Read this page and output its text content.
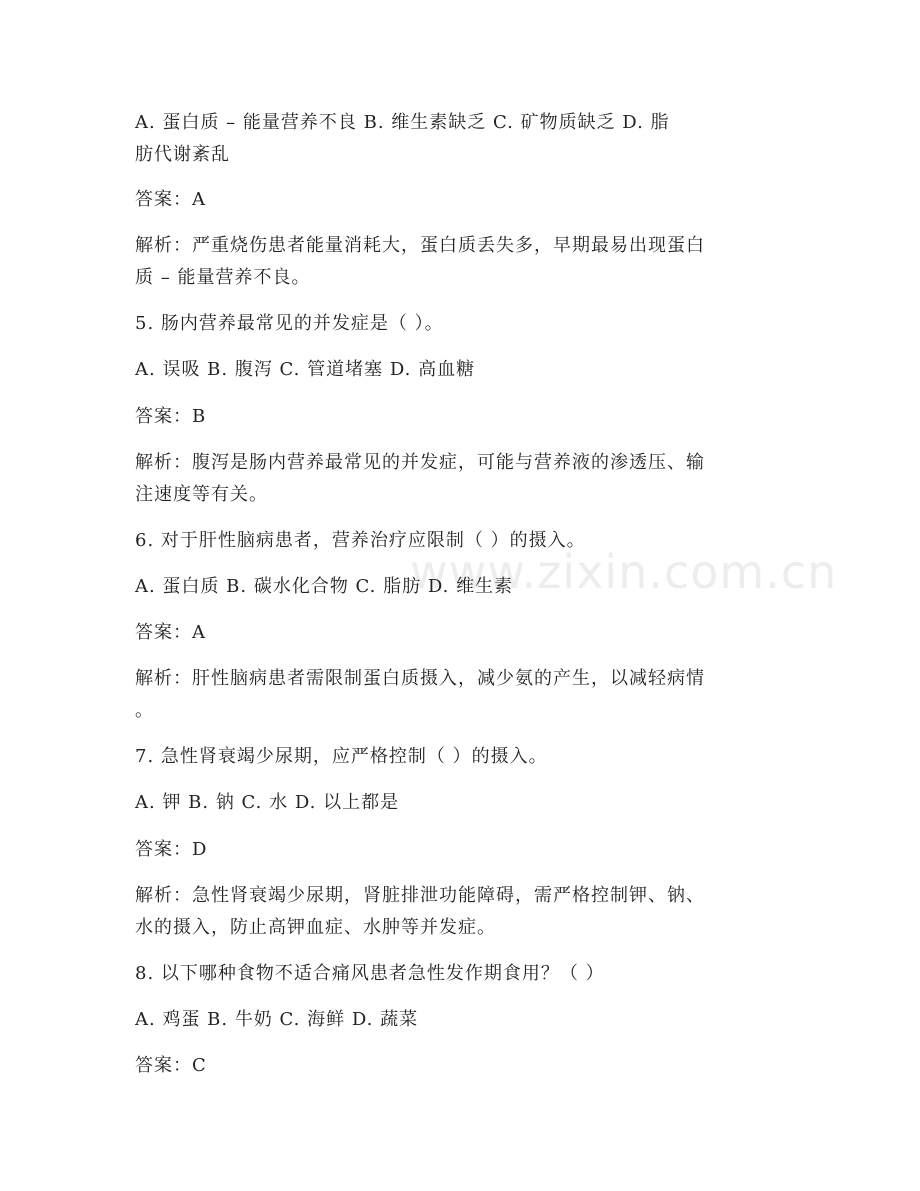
www.zixin.com.cn
A. 蛋白质 – 能量营养不良 B. 维生素缺乏 C. 矿物质缺乏 D. 脂
肪代谢紊乱
答案：A
解析：严重烧伤患者能量消耗大，蛋白质丢失多，早期最易出现蛋白
质 – 能量营养不良。
5. 肠内营养最常见的并发症是（ ）。
A. 误吸 B. 腹泻 C. 管道堵塞 D. 高血糖
答案：B
解析：腹泻是肠内营养最常见的并发症，可能与营养液的渗透压、输
注速度等有关。
6. 对于肝性脑病患者，营养治疗应限制（ ）的摄入。
A. 蛋白质 B. 碳水化合物 C. 脂肪 D. 维生素
答案：A
解析：肝性脑病患者需限制蛋白质摄入，减少氨的产生，以减轻病情
。
7. 急性肾衰竭少尿期，应严格控制（ ）的摄入。
A. 钾 B. 钠 C. 水 D. 以上都是
答案：D
解析：急性肾衰竭少尿期，肾脏排泄功能障碍，需严格控制钾、钠、
水的摄入，防止高钾血症、水肿等并发症。
8. 以下哪种食物不适合痛风患者急性发作期食用？（ ）
A. 鸡蛋 B. 牛奶 C. 海鲜 D. 蔬菜
答案：C
